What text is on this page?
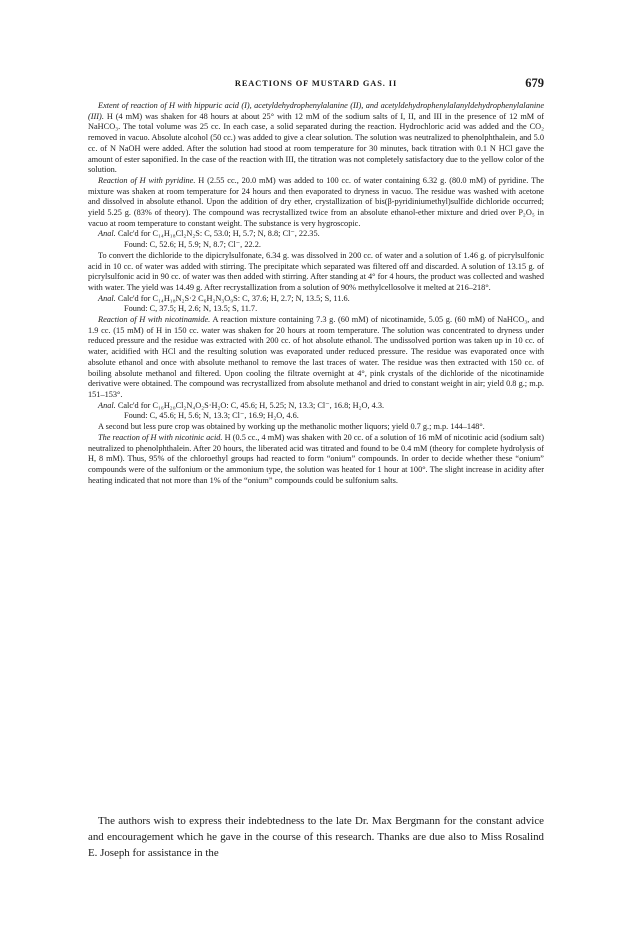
REACTIONS OF MUSTARD GAS. II	679

Extent of reaction of H with hippuric acid (I), acetyldehydrophenylalanine (II), and acetyldehydrophenylalanyldehydrophenylalanine (III). H (4 mM) was shaken for 48 hours at about 25° with 12 mM of the sodium salts of I, II, and III in the presence of 12 mM of NaHCO₃. The total volume was 25 cc. In each case, a solid separated during the reaction. Hydrochloric acid was added and the CO₂ removed in vacuo. Absolute alcohol (50 cc.) was added to give a clear solution. The solution was neutralized to phenolphthalein, and 5.0 cc. of N NaOH were added. After the solution had stood at room temperature for 30 minutes, back titration with 0.1 N HCl gave the amount of ester saponified. In the case of the reaction with III, the titration was not completely satisfactory due to the yellow color of the solution.

Reaction of H with pyridine. H (2.55 cc., 20.0 mM) was added to 100 cc. of water containing 6.32 g. (80.0 mM) of pyridine. The mixture was shaken at room temperature for 24 hours and then evaporated to dryness in vacuo. The residue was washed with acetone and dissolved in absolute ethanol. Upon the addition of dry ether, crystallization of bis(β-pyridiniumethyl)sulfide dichloride occurred; yield 5.25 g. (83% of theory). The compound was recrystallized twice from an absolute ethanol-ether mixture and dried over P₂O₅ in vacuo at room temperature to constant weight. The substance is very hygroscopic.

Anal. Calc'd for C₁₄H₁₈Cl₂N₂S: C, 53.0; H, 5.7; N, 8.8; Cl⁻, 22.35.

Found: C, 52.6; H, 5.9; N, 8.7; Cl⁻, 22.2.

To convert the dichloride to the dipicrylsulfonate, 6.34 g. was dissolved in 200 cc. of water and a solution of 1.46 g. of picrylsulfonic acid in 10 cc. of water was added with stirring. The precipitate which separated was filtered off and discarded. A solution of 13.15 g. of picrylsulfonic acid in 90 cc. of water was then added with stirring. After standing at 4° for 4 hours, the product was collected and washed with water. The yield was 14.49 g. After recrystallization from a solution of 90% methylcellosolve it melted at 216–218°.

Anal. Calc'd for C₁₄H₁₈N₂S·2 C₆H₂N₃O₉S: C, 37.6; H, 2.7; N, 13.5; S, 11.6.

Found: C, 37.5; H, 2.6; N, 13.5; S, 11.7.

Reaction of H with nicotinamide. A reaction mixture containing 7.3 g. (60 mM) of nicotinamide, 5.05 g. (60 mM) of NaHCO₃, and 1.9 cc. (15 mM) of H in 150 cc. water was shaken for 20 hours at room temperature. The solution was concentrated to dryness under reduced pressure and the residue was extracted with 200 cc. of hot absolute ethanol. The undissolved portion was taken up in 10 cc. of water, acidified with HCl and the resulting solution was evaporated under reduced pressure. The residue was evaporated once with absolute ethanol and once with absolute methanol to remove the last traces of water. The residue was then extracted with 150 cc. of boiling absolute methanol and filtered. Upon cooling the filtrate overnight at 4°, pink crystals of the dichloride of the nicotinamide derivative were obtained. The compound was recrystallized from absolute methanol and dried to constant weight in air; yield 0.8 g.; m.p. 151–153°.

Anal. Calc'd for C₁₆H₂₀Cl₂N₄O₂S·H₂O: C, 45.6; H, 5.25; N, 13.3; Cl⁻, 16.8; H₂O, 4.3.

Found: C, 45.6; H, 5.6; N, 13.3; Cl⁻, 16.9; H₂O, 4.6.

A second but less pure crop was obtained by working up the methanolic mother liquors; yield 0.7 g.; m.p. 144–148°.

The reaction of H with nicotinic acid. H (0.5 cc., 4 mM) was shaken with 20 cc. of a solution of 16 mM of nicotinic acid (sodium salt) neutralized to phenolphthalein. After 20 hours, the liberated acid was titrated and found to be 0.4 mM (theory for complete hydrolysis of H, 8 mM). Thus, 95% of the chloroethyl groups had reacted to form “onium” compounds. In order to decide whether these “onium” compounds were of the sulfonium or the ammonium type, the solution was heated for 1 hour at 100°. The slight increase in acidity after heating indicated that not more than 1% of the “onium” compounds could be sulfonium salts.

The authors wish to express their indebtedness to the late Dr. Max Bergmann for the constant advice and encouragement which he gave in the course of this research. Thanks are due also to Miss Rosalind E. Joseph for assistance in the
